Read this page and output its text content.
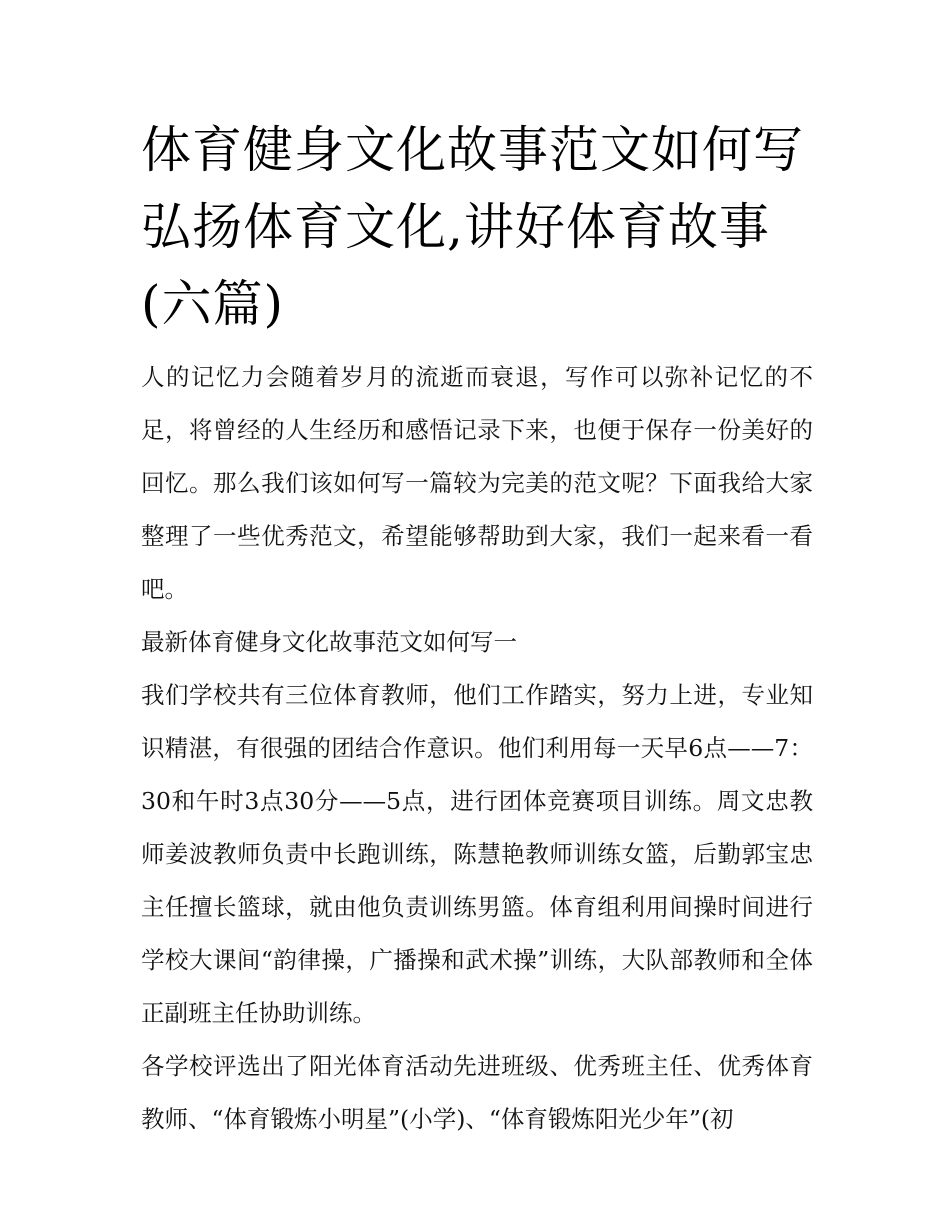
体育健身文化故事范文如何写弘扬体育文化,讲好体育故事(六篇)

人的记忆力会随着岁月的流逝而衰退，写作可以弥补记忆的不足，将曾经的人生经历和感悟记录下来，也便于保存一份美好的回忆。那么我们该如何写一篇较为完美的范文呢？下面我给大家整理了一些优秀范文，希望能够帮助到大家，我们一起来看一看吧。

最新体育健身文化故事范文如何写一

我们学校共有三位体育教师，他们工作踏实，努力上进，专业知识精湛，有很强的团结合作意识。他们利用每一天早6点——7：30和午时3点30分——5点，进行团体竞赛项目训练。周文忠教师姜波教师负责中长跑训练，陈慧艳教师训练女篮，后勤郭宝忠主任擅长篮球，就由他负责训练男篮。体育组利用间操时间进行学校大课间“韵律操，广播操和武术操”训练，大队部教师和全体正副班主任协助训练。

各学校评选出了阳光体育活动先进班级、优秀班主任、优秀体育教师、“体育锻炼小明星”(小学)、“体育锻炼阳光少年”(初
